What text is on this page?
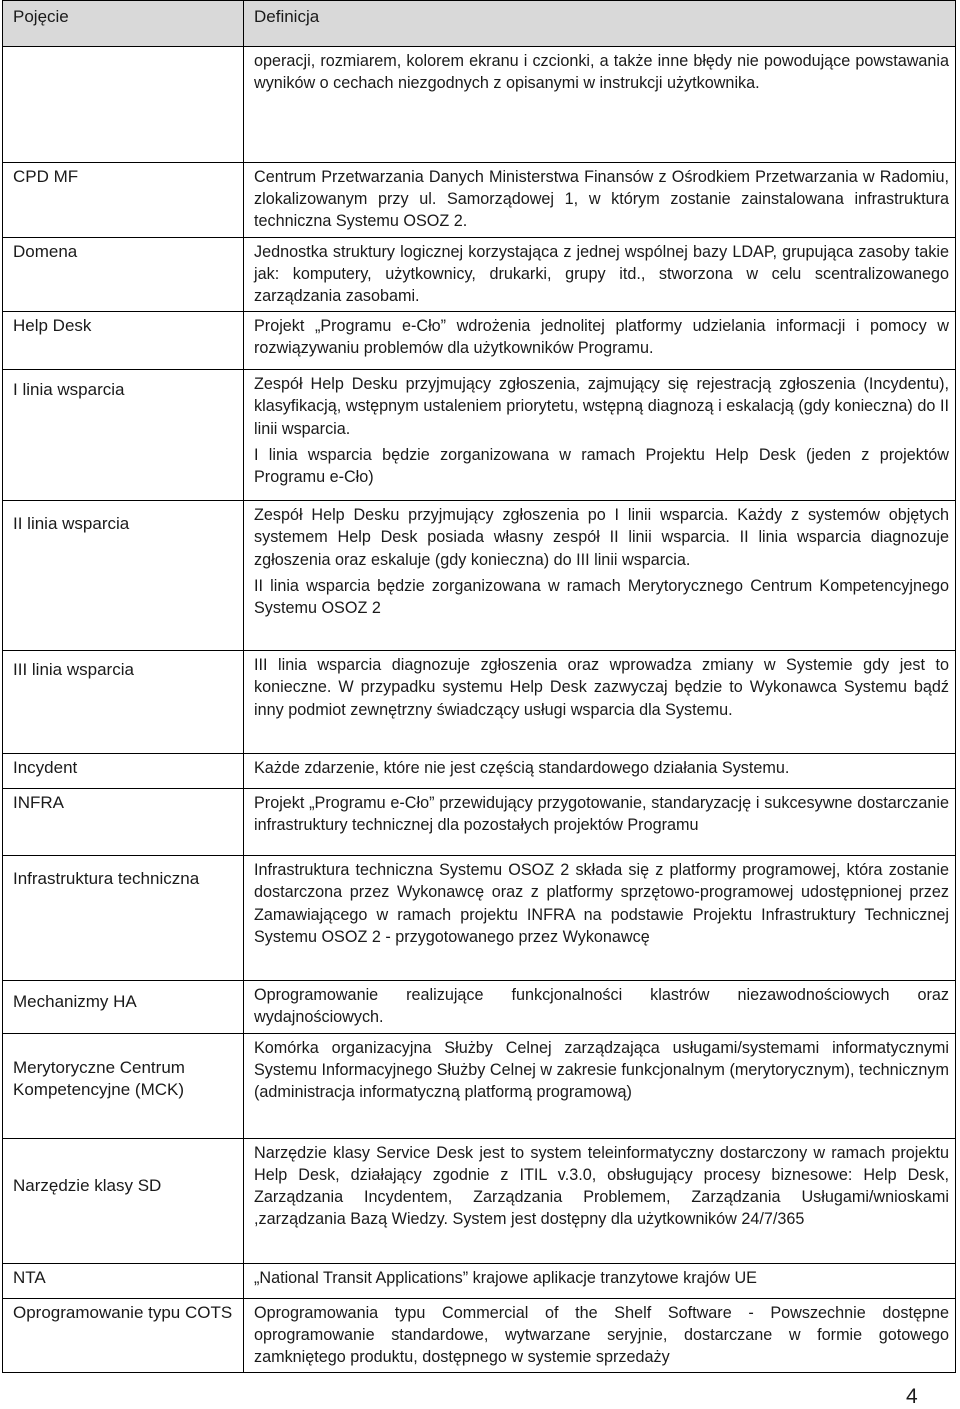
Pojęcie	Definicja

	operacji, rozmiarem, kolorem ekranu i czcionki, a także inne błędy nie powodujące powstawania wyników o cechach niezgodnych z opisanymi w instrukcji użytkownika.

CPD MF	Centrum Przetwarzania Danych Ministerstwa Finansów z Ośrodkiem Przetwarzania w Radomiu, zlokalizowanym przy ul. Samorządowej 1, w którym zostanie zainstalowana infrastruktura techniczna Systemu OSOZ 2.

Domena	Jednostka struktury logicznej korzystająca z jednej wspólnej bazy LDAP, grupująca zasoby takie jak: komputery, użytkownicy, drukarki, grupy itd., stworzona w celu scentralizowanego zarządzania zasobami.

Help Desk	Projekt „Programu e-Cło” wdrożenia jednolitej platformy udzielania informacji i pomocy w rozwiązywaniu problemów dla użytkowników Programu.

I linia wsparcia	Zespół Help Desku przyjmujący zgłoszenia, zajmujący się rejestracją zgłoszenia (Incydentu), klasyfikacją, wstępnym ustaleniem priorytetu, wstępną diagnozą i eskalacją (gdy konieczna) do II linii wsparcia.

I linia wsparcia będzie zorganizowana w ramach Projektu Help Desk (jeden z projektów Programu e-Cło)

II linia wsparcia	Zespół Help Desku przyjmujący zgłoszenia po I linii wsparcia. Każdy z systemów objętych systemem Help Desk posiada własny zespół II linii wsparcia. II linia wsparcia diagnozuje zgłoszenia oraz eskaluje (gdy konieczna) do III linii wsparcia.

II linia wsparcia będzie zorganizowana w ramach Merytorycznego Centrum Kompetencyjnego Systemu OSOZ 2

III linia wsparcia	III linia wsparcia diagnozuje zgłoszenia oraz wprowadza zmiany w Systemie gdy jest to konieczne. W przypadku systemu Help Desk zazwyczaj będzie to Wykonawca Systemu bądź inny podmiot zewnętrzny świadczący usługi wsparcia dla Systemu.

Incydent	Każde zdarzenie, które nie jest częścią standardowego działania Systemu.

INFRA	Projekt „Programu e-Cło” przewidujący przygotowanie, standaryzację i sukcesywne dostarczanie infrastruktury technicznej dla pozostałych projektów Programu

Infrastruktura techniczna	Infrastruktura techniczna Systemu OSOZ 2 składa się z platformy programowej, która zostanie dostarczona przez Wykonawcę oraz z platformy sprzętowo-programowej udostępnionej przez Zamawiającego w ramach projektu INFRA na podstawie Projektu Infrastruktury Technicznej Systemu OSOZ 2 - przygotowanego przez Wykonawcę

Mechanizmy HA	Oprogramowanie realizujące funkcjonalności klastrów niezawodnościowych oraz wydajnościowych.

Merytoryczne Centrum Kompetencyjne (MCK)	Komórka organizacyjna Służby Celnej zarządzająca usługami/systemami informatycznymi Systemu Informacyjnego Służby Celnej w zakresie funkcjonalnym (merytorycznym), technicznym (administracja informatyczną platformą programową)

Narzędzie klasy SD	Narzędzie klasy Service Desk jest to system teleinformatyczny dostarczony w ramach projektu Help Desk, działający zgodnie z ITIL v.3.0, obsługujący procesy biznesowe: Help Desk, Zarządzania Incydentem, Zarządzania Problemem, Zarządzania Usługami/wnioskami ,zarządzania Bazą Wiedzy. System jest dostępny dla użytkowników 24/7/365

NTA	„National Transit Applications” krajowe aplikacje tranzytowe krajów UE

Oprogramowanie typu COTS	Oprogramowania typu Commercial of the Shelf Software - Powszechnie dostępne oprogramowanie standardowe, wytwarzane seryjnie, dostarczane w formie gotowego zamkniętego produktu, dostępnego w systemie sprzedaży

4
